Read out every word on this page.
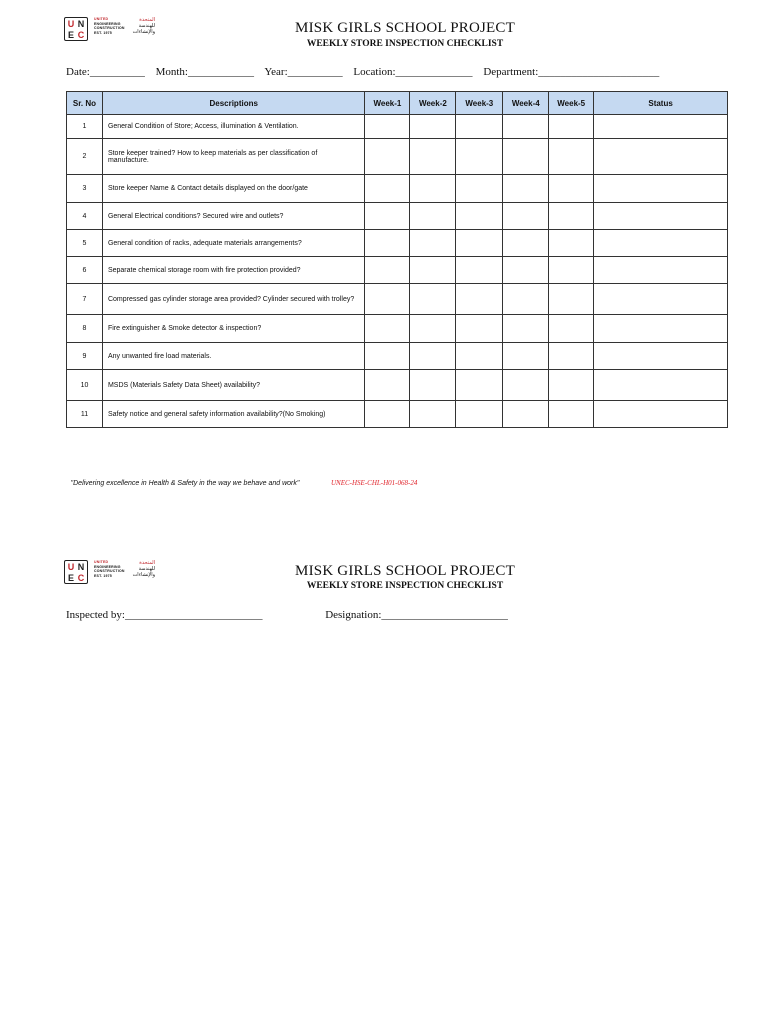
U N
E C
UNITED
ENGINEERING
CONSTRUCTION
EST. 1975
المتحدة
للهندسة
والإنشاءات	MISK GIRLS SCHOOL PROJECT
WEEKLY STORE INSPECTION CHECKLIST
Date:__________ Month:____________ Year:__________ Location:______________ Department:______________________
Sr. No	Descriptions	Week-1	Week-2	Week-3	Week-4	Week-5	Status
1	General Condition of Store; Access, illumination & Ventilation.						
2	Store keeper trained? How to keep materials as per classification of manufacture.						
3	Store keeper Name & Contact details displayed on the door/gate						
4	General Electrical conditions? Secured wire and outlets?						
5	General condition of racks, adequate materials arrangements?						
6	Separate chemical storage room with fire protection provided?						
7	Compressed gas cylinder storage area provided? Cylinder secured with trolley?						
8	Fire extinguisher & Smoke detector & inspection?						
9	Any unwanted fire load materials.						
10	MSDS (Materials Safety Data Sheet) availability?						
11	Safety notice and general safety information availability?(No Smoking)						
"Delivering excellence in Health & Safety in the way we behave and work"	UNEC-HSE-CHL-H01-068-24
U N
E C
UNITED
ENGINEERING
CONSTRUCTION
EST. 1975
المتحدة
للهندسة
والإنشاءات	MISK GIRLS SCHOOL PROJECT
WEEKLY STORE INSPECTION CHECKLIST
Inspected by:_________________________	Designation:_______________________
